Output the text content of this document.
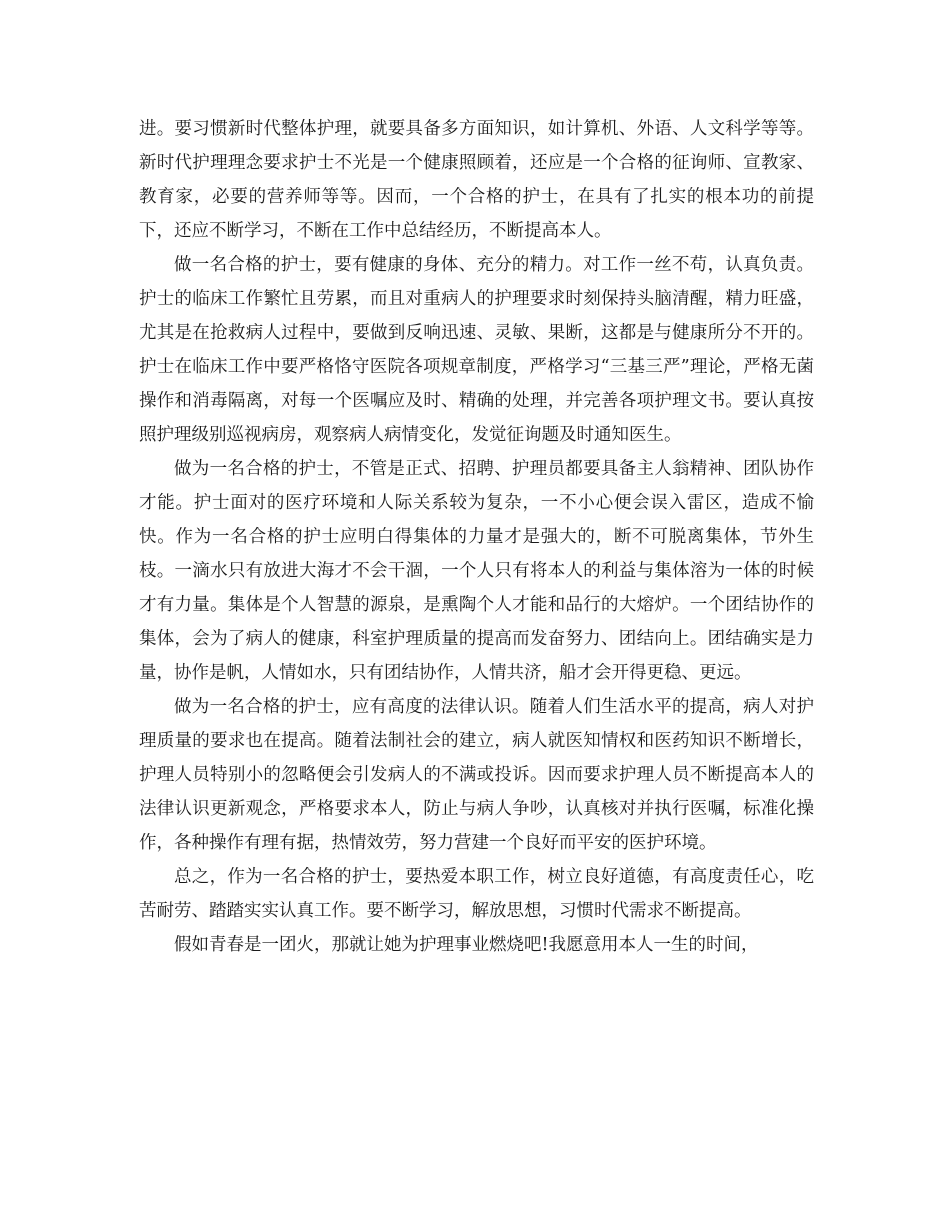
进。要习惯新时代整体护理，就要具备多方面知识，如计算机、外语、人文科学等等。新时代护理理念要求护士不光是一个健康照顾着，还应是一个合格的征询师、宣教家、教育家，必要的营养师等等。因而，一个合格的护士，在具有了扎实的根本功的前提下，还应不断学习，不断在工作中总结经历，不断提高本人。

做一名合格的护士，要有健康的身体、充分的精力。对工作一丝不苟，认真负责。护士的临床工作繁忙且劳累，而且对重病人的护理要求时刻保持头脑清醒，精力旺盛，尤其是在抢救病人过程中，要做到反响迅速、灵敏、果断，这都是与健康所分不开的。护士在临床工作中要严格恪守医院各项规章制度，严格学习“三基三严”理论，严格无菌操作和消毒隔离，对每一个医嘱应及时、精确的处理，并完善各项护理文书。要认真按照护理级别巡视病房，观察病人病情变化，发觉征询题及时通知医生。

做为一名合格的护士，不管是正式、招聘、护理员都要具备主人翁精神、团队协作才能。护士面对的医疗环境和人际关系较为复杂，一不小心便会误入雷区，造成不愉快。作为一名合格的护士应明白得集体的力量才是强大的，断不可脱离集体，节外生枝。一滴水只有放进大海才不会干涸，一个人只有将本人的利益与集体溶为一体的时候才有力量。集体是个人智慧的源泉，是熏陶个人才能和品行的大熔炉。一个团结协作的集体，会为了病人的健康，科室护理质量的提高而发奋努力、团结向上。团结确实是力量，协作是帆，人情如水，只有团结协作，人情共济，船才会开得更稳、更远。

做为一名合格的护士，应有高度的法律认识。随着人们生活水平的提高，病人对护理质量的要求也在提高。随着法制社会的建立，病人就医知情权和医药知识不断增长，护理人员特别小的忽略便会引发病人的不满或投诉。因而要求护理人员不断提高本人的法律认识更新观念，严格要求本人，防止与病人争吵，认真核对并执行医嘱，标准化操作，各种操作有理有据，热情效劳，努力营建一个良好而平安的医护环境。

总之，作为一名合格的护士，要热爱本职工作，树立良好道德，有高度责任心，吃苦耐劳、踏踏实实认真工作。要不断学习，解放思想，习惯时代需求不断提高。

假如青春是一团火，那就让她为护理事业燃烧吧!我愿意用本人一生的时间，
